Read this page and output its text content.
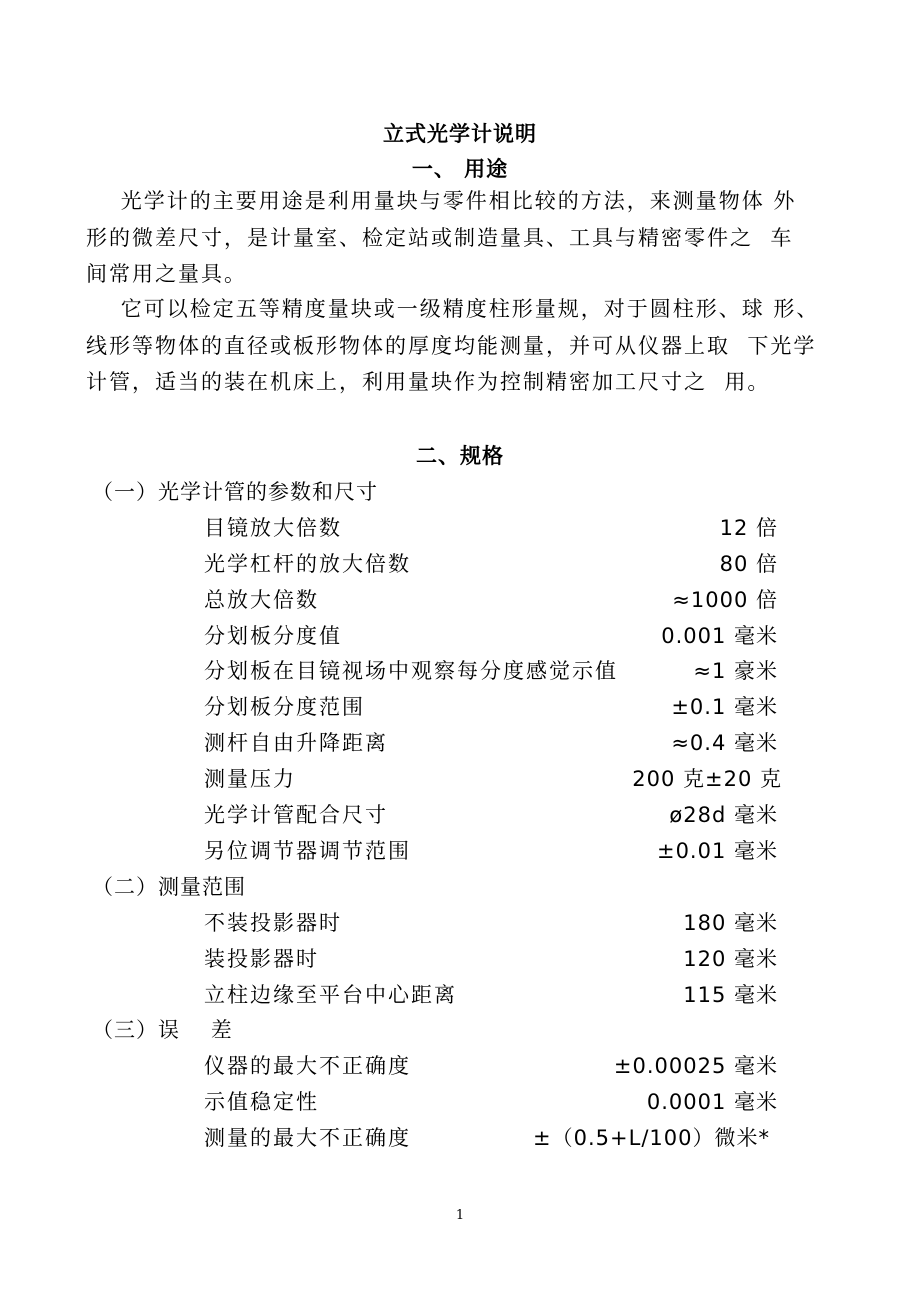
立式光学计说明
一、 用途
光学计的主要用途是利用量块与零件相比较的方法，来测量物体 外
形的微差尺寸，是计量室、检定站或制造量具、工具与精密零件之  车
间常用之量具。
它可以检定五等精度量块或一级精度柱形量规，对于圆柱形、球 形、
线形等物体的直径或板形物体的厚度均能测量，并可从仪器上取  下光学
计管，适当的装在机床上，利用量块作为控制精密加工尺寸之  用。
二、规格
（一）光学计管的参数和尺寸
目镜放大倍数	12 倍
光学杠杆的放大倍数	80 倍
总放大倍数	≈1000 倍
分划板分度值	0.001 毫米
分划板在目镜视场中观察每分度感觉示值	≈1 豪米
分划板分度范围	±0.1 毫米
测杆自由升降距离	≈0.4 毫米
测量压力	200 克±20 克
光学计管配合尺寸	ø28d 毫米
另位调节器调节范围	±0.01 毫米
（二）测量范围
不装投影器时	180 毫米
装投影器时	120 毫米
立柱边缘至平台中心距离	115 毫米
（三）误    差
仪器的最大不正确度	±0.00025 毫米
示值稳定性	0.0001 毫米
测量的最大不正确度	±（0.5+L/100）微米*
1
